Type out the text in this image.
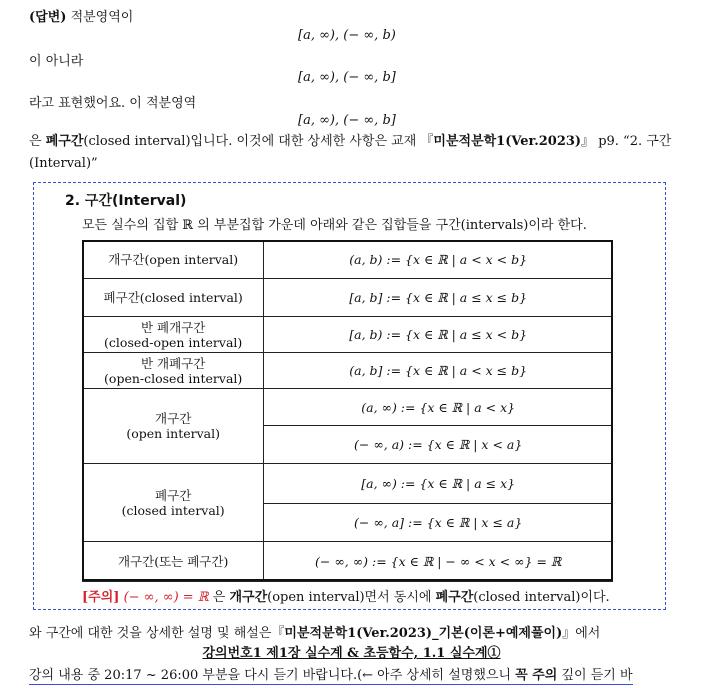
(답변) 적분영역이
[a, ∞), (− ∞, b)
이 아니라
[a, ∞), (− ∞, b]
라고 표현했어요. 이 적분영역
[a, ∞), (− ∞, b]
은 폐구간(closed interval)입니다. 이것에 대한 상세한 사항은 교재 『미분적분학1(Ver.2023)』 p9. “2. 구간(Interval)”
2. 구간(Interval)
모든 실수의 집합 ℝ 의 부분집합 가운데 아래와 같은 집합들을 구간(intervals)이라 한다.
개구간(open interval)	(a, b) := {x ∈ ℝ | a < x < b}
폐구간(closed interval)	[a, b] := {x ∈ ℝ | a ≤ x ≤ b}

반 폐개구간
(closed-open interval)	[a, b) := {x ∈ ℝ | a ≤ x < b}

반 개폐구간
(open-closed interval)	(a, b] := {x ∈ ℝ | a < x ≤ b}

개구간
(open interval)	(a, ∞) := {x ∈ ℝ | a < x}
	(− ∞, a) := {x ∈ ℝ | x < a}

폐구간
(closed interval)	[a, ∞) := {x ∈ ℝ | a ≤ x}
	(− ∞, a] := {x ∈ ℝ | x ≤ a}
개구간(또는 폐구간)	(− ∞, ∞) := {x ∈ ℝ | − ∞ < x < ∞} = ℝ
[주의] (− ∞, ∞) = ℝ 은 개구간(open interval)면서 동시에 폐구간(closed interval)이다.
와 구간에 대한 것을 상세한 설명 및 해설은『미분적분학1(Ver.2023)_기본(이론+예제풀이)』에서
강의번호1 제1장 실수계 & 초등함수, 1.1 실수계①
강의 내용 중 20:17 ~ 26:00 부분을 다시 듣기 바랍니다.(← 아주 상세히 설명했으니 꼭 주의 깊이 듣기 바
